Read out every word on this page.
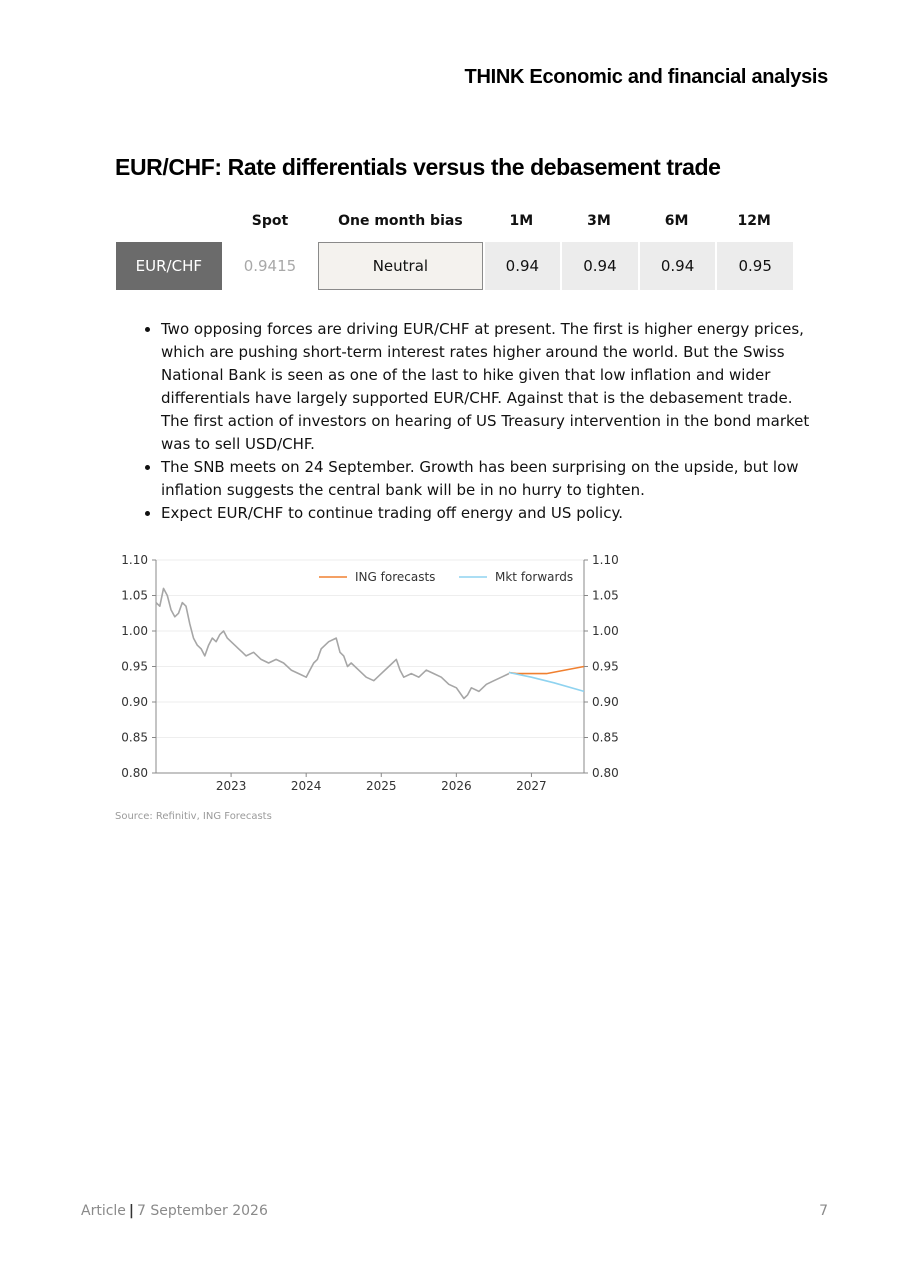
THINK Economic and financial analysis
EUR/CHF: Rate differentials versus the debasement trade
	Spot	One month bias	1M	3M	6M	12M
EUR/CHF	0.9415	Neutral	0.94	0.94	0.94	0.95
• Two opposing forces are driving EUR/CHF at present. The first is higher energy prices, which are pushing short-term interest rates higher around the world. But the Swiss National Bank is seen as one of the last to hike given that low inflation and wider differentials have largely supported EUR/CHF. Against that is the debasement trade. The first action of investors on hearing of US Treasury intervention in the bond market was to sell USD/CHF.
• The SNB meets on 24 September. Growth has been surprising on the upside, but low inflation suggests the central bank will be in no hurry to tighten.
• Expect EUR/CHF to continue trading off energy and US policy.
0.80	0.80
0.85	0.85
0.90	0.90
0.95	0.95
1.00	1.00
1.05	1.05
1.10	1.10
2023	2024	2025	2026	2027
ING forecasts	Mkt forwards
Source: Refinitiv, ING Forecasts
Article | 7 September 2026	7
